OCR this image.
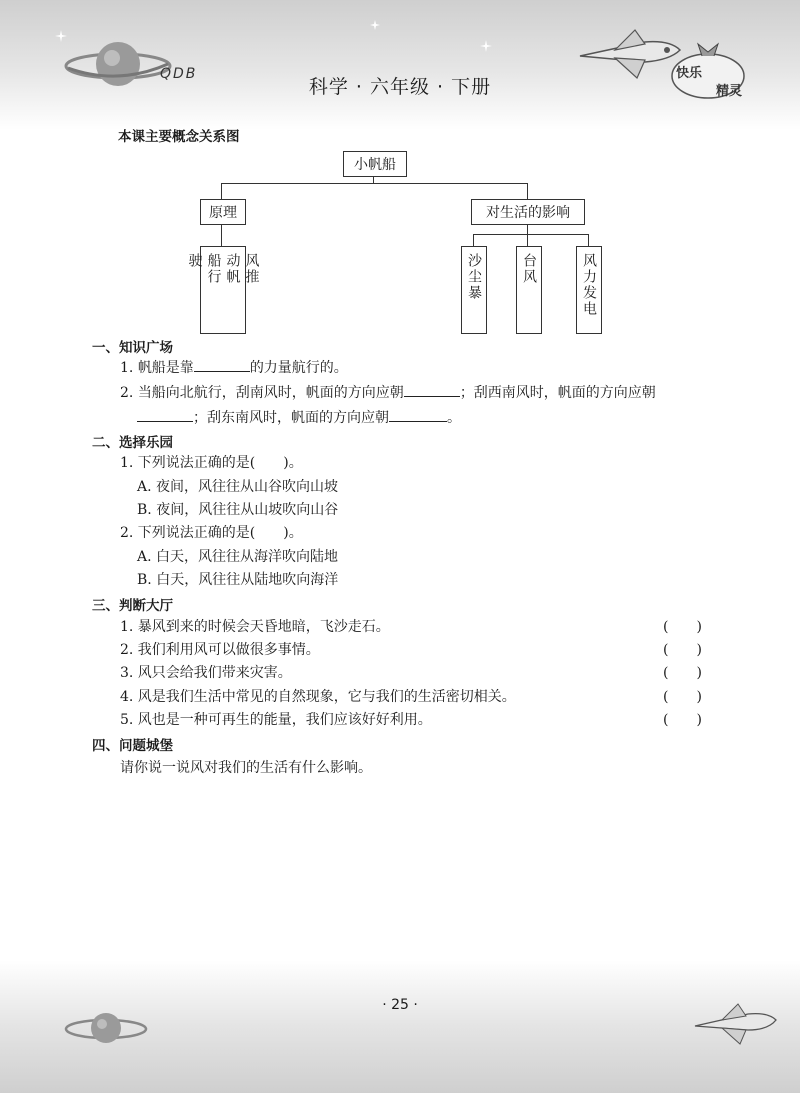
快乐
精灵
QDB
科学 · 六年级 · 下册
本课主要概念关系图
小帆船
原理	对生活的影响
风推
动帆
船行
驶	沙尘暴	台风	风力发电
一、知识广场
1. 帆船是靠	的力量航行的。
2. 当船向北航行，刮南风时，帆面的方向应朝	；刮西南风时，帆面的方向应朝
；刮东南风时，帆面的方向应朝	。
二、选择乐园
1. 下列说法正确的是(　　)。
A. 夜间，风往往从山谷吹向山坡
B. 夜间，风往往从山坡吹向山谷
2. 下列说法正确的是(　　)。
A. 白天，风往往从海洋吹向陆地
B. 白天，风往往从陆地吹向海洋
三、判断大厅
1. 暴风到来的时候会天昏地暗，飞沙走石。	(　　)
2. 我们利用风可以做很多事情。	(　　)
3. 风只会给我们带来灾害。	(　　)
4. 风是我们生活中常见的自然现象，它与我们的生活密切相关。	(　　)
5. 风也是一种可再生的能量，我们应该好好利用。	(　　)
四、问题城堡
请你说一说风对我们的生活有什么影响。
· 25 ·
